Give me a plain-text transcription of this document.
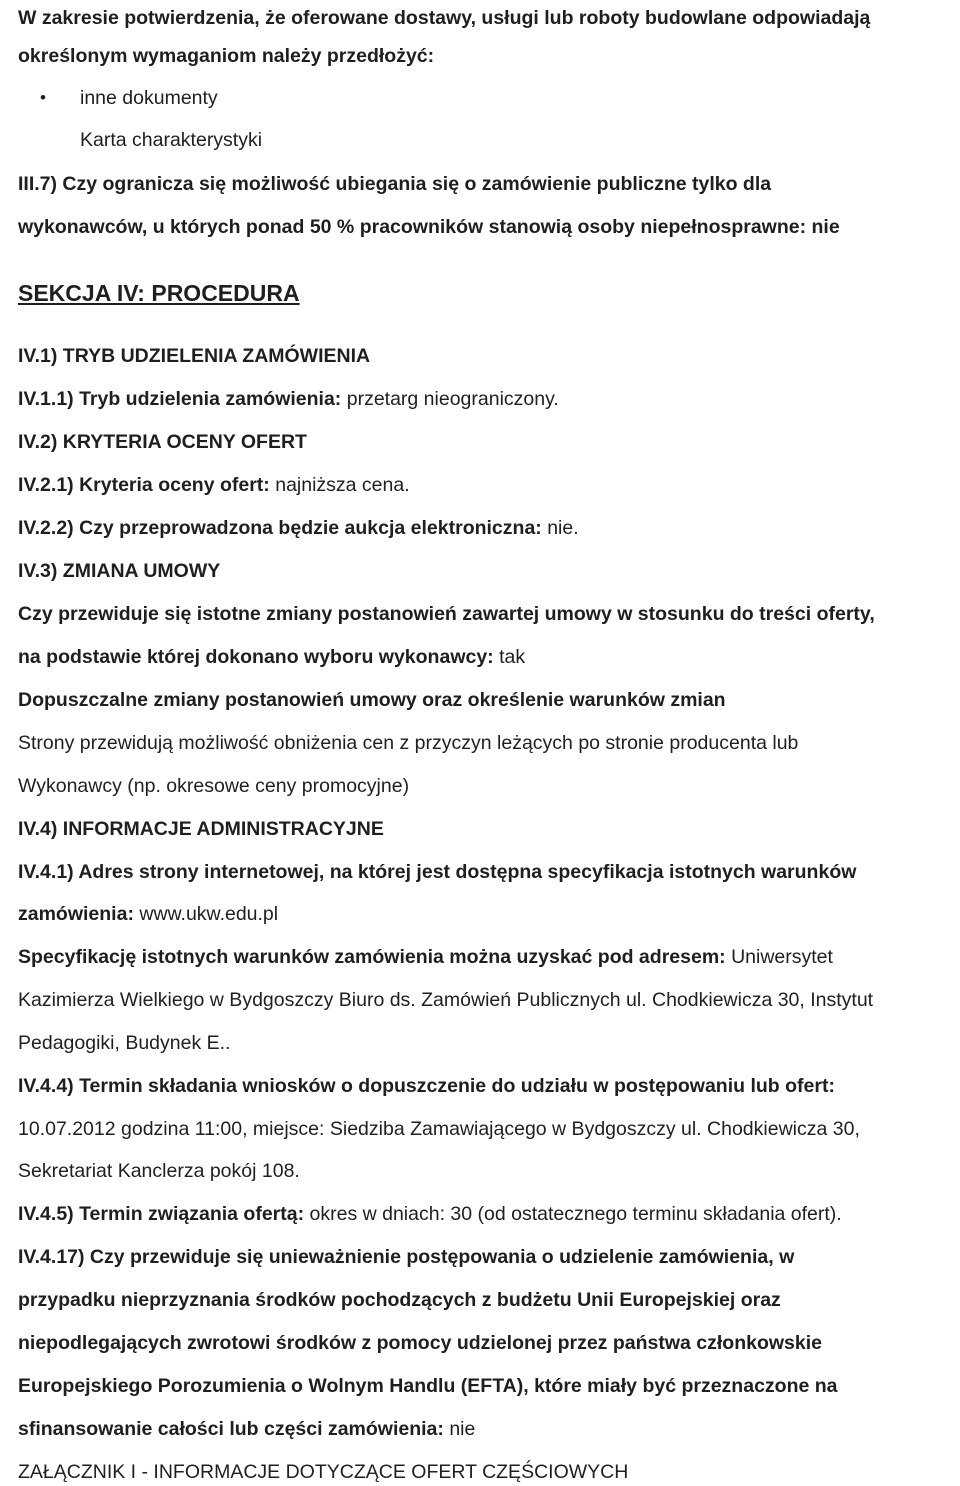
W zakresie potwierdzenia, że oferowane dostawy, usługi lub roboty budowlane odpowiadają
określonym wymaganiom należy przedłożyć:
• inne dokumenty
Karta charakterystyki
III.7) Czy ogranicza się możliwość ubiegania się o zamówienie publiczne tylko dla
wykonawców, u których ponad 50 % pracowników stanowią osoby niepełnosprawne: nie
SEKCJA IV: PROCEDURA
IV.1) TRYB UDZIELENIA ZAMÓWIENIA
IV.1.1) Tryb udzielenia zamówienia: przetarg nieograniczony.
IV.2) KRYTERIA OCENY OFERT
IV.2.1) Kryteria oceny ofert: najniższa cena.
IV.2.2) Czy przeprowadzona będzie aukcja elektroniczna: nie.
IV.3) ZMIANA UMOWY
Czy przewiduje się istotne zmiany postanowień zawartej umowy w stosunku do treści oferty,
na podstawie której dokonano wyboru wykonawcy: tak
Dopuszczalne zmiany postanowień umowy oraz określenie warunków zmian
Strony przewidują możliwość obniżenia cen z przyczyn leżących po stronie producenta lub
Wykonawcy (np. okresowe ceny promocyjne)
IV.4) INFORMACJE ADMINISTRACYJNE
IV.4.1) Adres strony internetowej, na której jest dostępna specyfikacja istotnych warunków
zamówienia: www.ukw.edu.pl
Specyfikację istotnych warunków zamówienia można uzyskać pod adresem: Uniwersytet
Kazimierza Wielkiego w Bydgoszczy Biuro ds. Zamówień Publicznych ul. Chodkiewicza 30, Instytut
Pedagogiki, Budynek E..
IV.4.4) Termin składania wniosków o dopuszczenie do udziału w postępowaniu lub ofert:
10.07.2012 godzina 11:00, miejsce: Siedziba Zamawiającego w Bydgoszczy ul. Chodkiewicza 30,
Sekretariat Kanclerza pokój 108.
IV.4.5) Termin związania ofertą: okres w dniach: 30 (od ostatecznego terminu składania ofert).
IV.4.17) Czy przewiduje się unieważnienie postępowania o udzielenie zamówienia, w
przypadku nieprzyznania środków pochodzących z budżetu Unii Europejskiej oraz
niepodlegających zwrotowi środków z pomocy udzielonej przez państwa członkowskie
Europejskiego Porozumienia o Wolnym Handlu (EFTA), które miały być przeznaczone na
sfinansowanie całości lub części zamówienia: nie
ZAŁĄCZNIK I - INFORMACJE DOTYCZĄCE OFERT CZĘŚCIOWYCH
